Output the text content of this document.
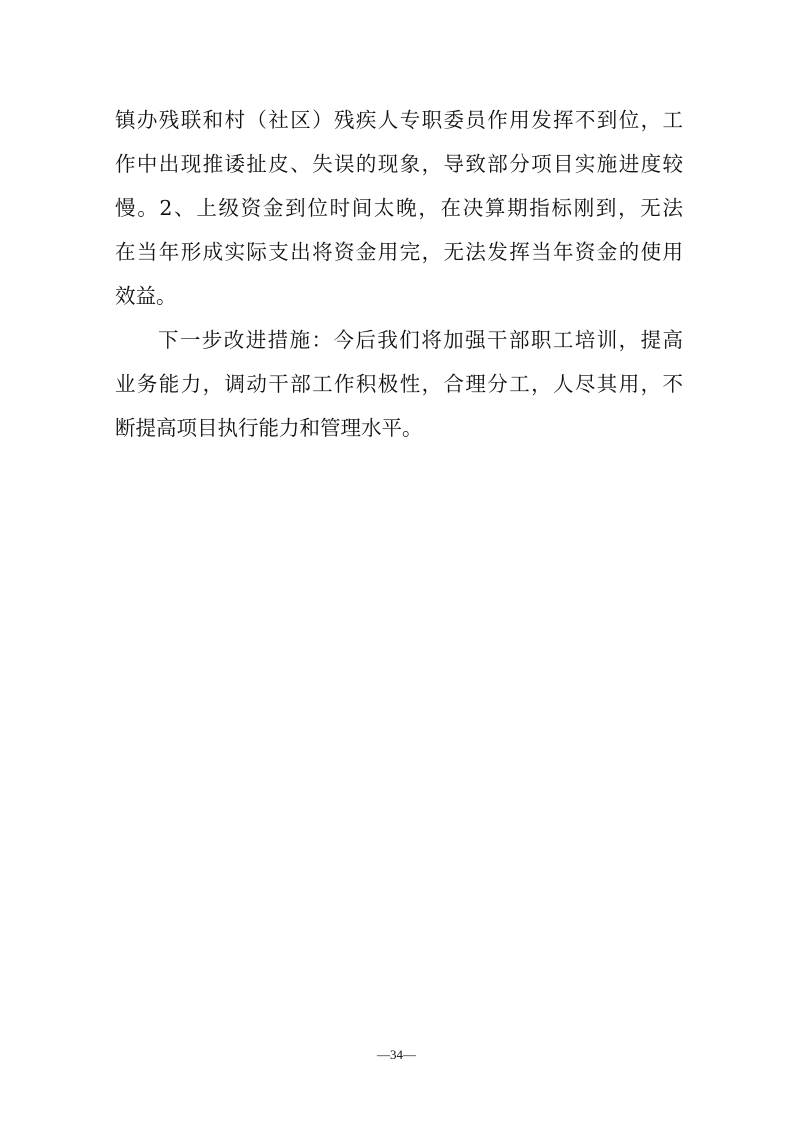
镇办残联和村（社区）残疾人专职委员作用发挥不到位，工
作中出现推诿扯皮、失误的现象，导致部分项目实施进度较
慢。2、上级资金到位时间太晚，在决算期指标刚到，无法
在当年形成实际支出将资金用完，无法发挥当年资金的使用
效益。
下一步改进措施：今后我们将加强干部职工培训，提高
业务能力，调动干部工作积极性，合理分工，人尽其用，不
断提高项目执行能力和管理水平。
—34—
